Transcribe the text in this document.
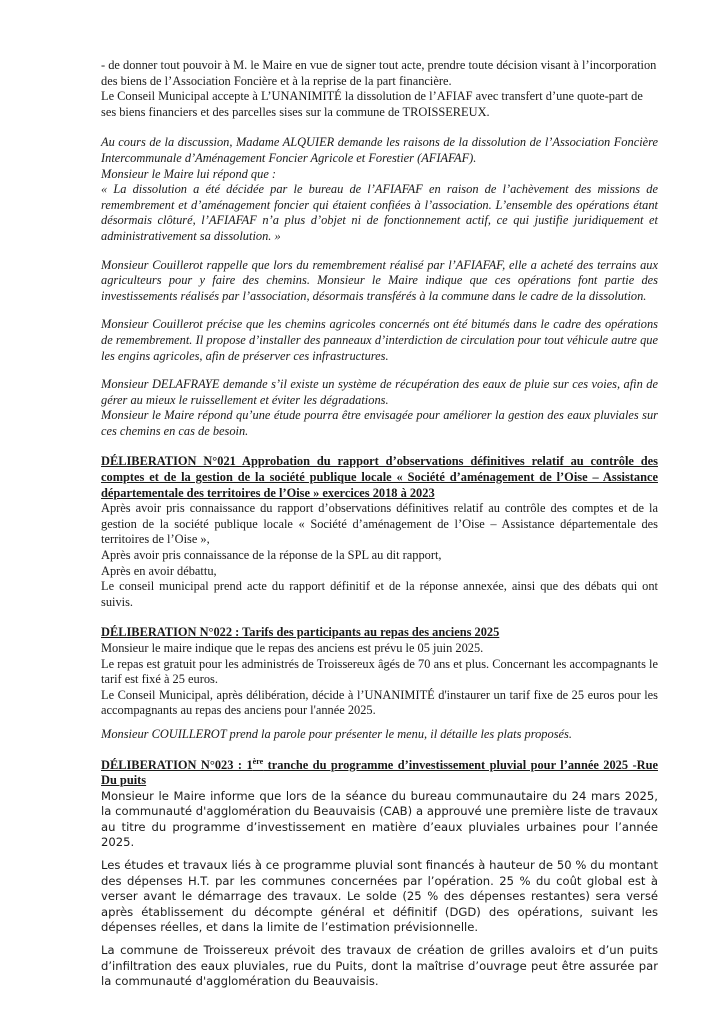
- de donner tout pouvoir à M. le Maire en vue de signer tout acte, prendre toute décision visant à l’incorporation des biens de l’Association Foncière et à la reprise de la part financière.

Le Conseil Municipal accepte à L’UNANIMITÉ la dissolution de l’AFIAF avec transfert d’une quote-part de ses biens financiers et des parcelles sises sur la commune de TROISSEREUX.

Au cours de la discussion, Madame ALQUIER demande les raisons de la dissolution de l’Association Foncière Intercommunale d’Aménagement Foncier Agricole et Forestier (AFIAFAF).

Monsieur le Maire lui répond que :

« La dissolution a été décidée par le bureau de l’AFIAFAF en raison de l’achèvement des missions de remembrement et d’aménagement foncier qui étaient confiées à l’association. L’ensemble des opérations étant désormais clôturé, l’AFIAFAF n’a plus d’objet ni de fonctionnement actif, ce qui justifie juridiquement et administrativement sa dissolution. »

Monsieur Couillerot rappelle que lors du remembrement réalisé par l’AFIAFAF, elle a acheté des terrains aux agriculteurs pour y faire des chemins. Monsieur le Maire indique que ces opérations font partie des investissements réalisés par l’association, désormais transférés à la commune dans le cadre de la dissolution.

Monsieur Couillerot précise que les chemins agricoles concernés ont été bitumés dans le cadre des opérations de remembrement. Il propose d’installer des panneaux d’interdiction de circulation pour tout véhicule autre que les engins agricoles, afin de préserver ces infrastructures.

Monsieur DELAFRAYE demande s’il existe un système de récupération des eaux de pluie sur ces voies, afin de gérer au mieux le ruissellement et éviter les dégradations.

Monsieur le Maire répond qu’une étude pourra être envisagée pour améliorer la gestion des eaux pluviales sur ces chemins en cas de besoin.

DÉLIBERATION N°021 Approbation du rapport d’observations définitives relatif au contrôle des comptes et de la gestion de la société publique locale « Société d’aménagement de l’Oise – Assistance départementale des territoires de l’Oise » exercices 2018 à 2023

Après avoir pris connaissance du rapport d’observations définitives relatif au contrôle des comptes et de la gestion de la société publique locale « Société d’aménagement de l’Oise – Assistance départementale des territoires de l’Oise »,

Après avoir pris connaissance de la réponse de la SPL au dit rapport,

Après en avoir débattu,

Le conseil municipal prend acte du rapport définitif et de la réponse annexée, ainsi que des débats qui ont suivis.

DÉLIBERATION N°022 : Tarifs des participants au repas des anciens 2025

Monsieur le maire indique que le repas des anciens est prévu le 05 juin 2025.

Le repas est gratuit pour les administrés de Troissereux âgés de 70 ans et plus. Concernant les accompagnants le tarif est fixé à 25 euros.

Le Conseil Municipal, après délibération, décide à l’UNANIMITÉ d'instaurer un tarif fixe de 25 euros pour les accompagnants au repas des anciens pour l'année 2025.

Monsieur COUILLEROT prend la parole pour présenter le menu, il détaille les plats proposés.

DÉLIBERATION N°023 : 1ère tranche du programme d’investissement pluvial pour l’année 2025 -Rue Du puits

Monsieur le Maire informe que lors de la séance du bureau communautaire du 24 mars 2025, la communauté d'agglomération du Beauvaisis (CAB) a approuvé une première liste de travaux au titre du programme d’investissement en matière d’eaux pluviales urbaines pour l’année 2025.

Les études et travaux liés à ce programme pluvial sont financés à hauteur de 50 % du montant des dépenses H.T. par les communes concernées par l’opération. 25 % du coût global est à verser avant le démarrage des travaux. Le solde (25 % des dépenses restantes) sera versé après établissement du décompte général et définitif (DGD) des opérations, suivant les dépenses réelles, et dans la limite de l’estimation prévisionnelle.

La commune de Troissereux prévoit des travaux de création de grilles avaloirs et d’un puits d’infiltration des eaux pluviales, rue du Puits, dont la maîtrise d’ouvrage peut être assurée par la communauté d'agglomération du Beauvaisis.
